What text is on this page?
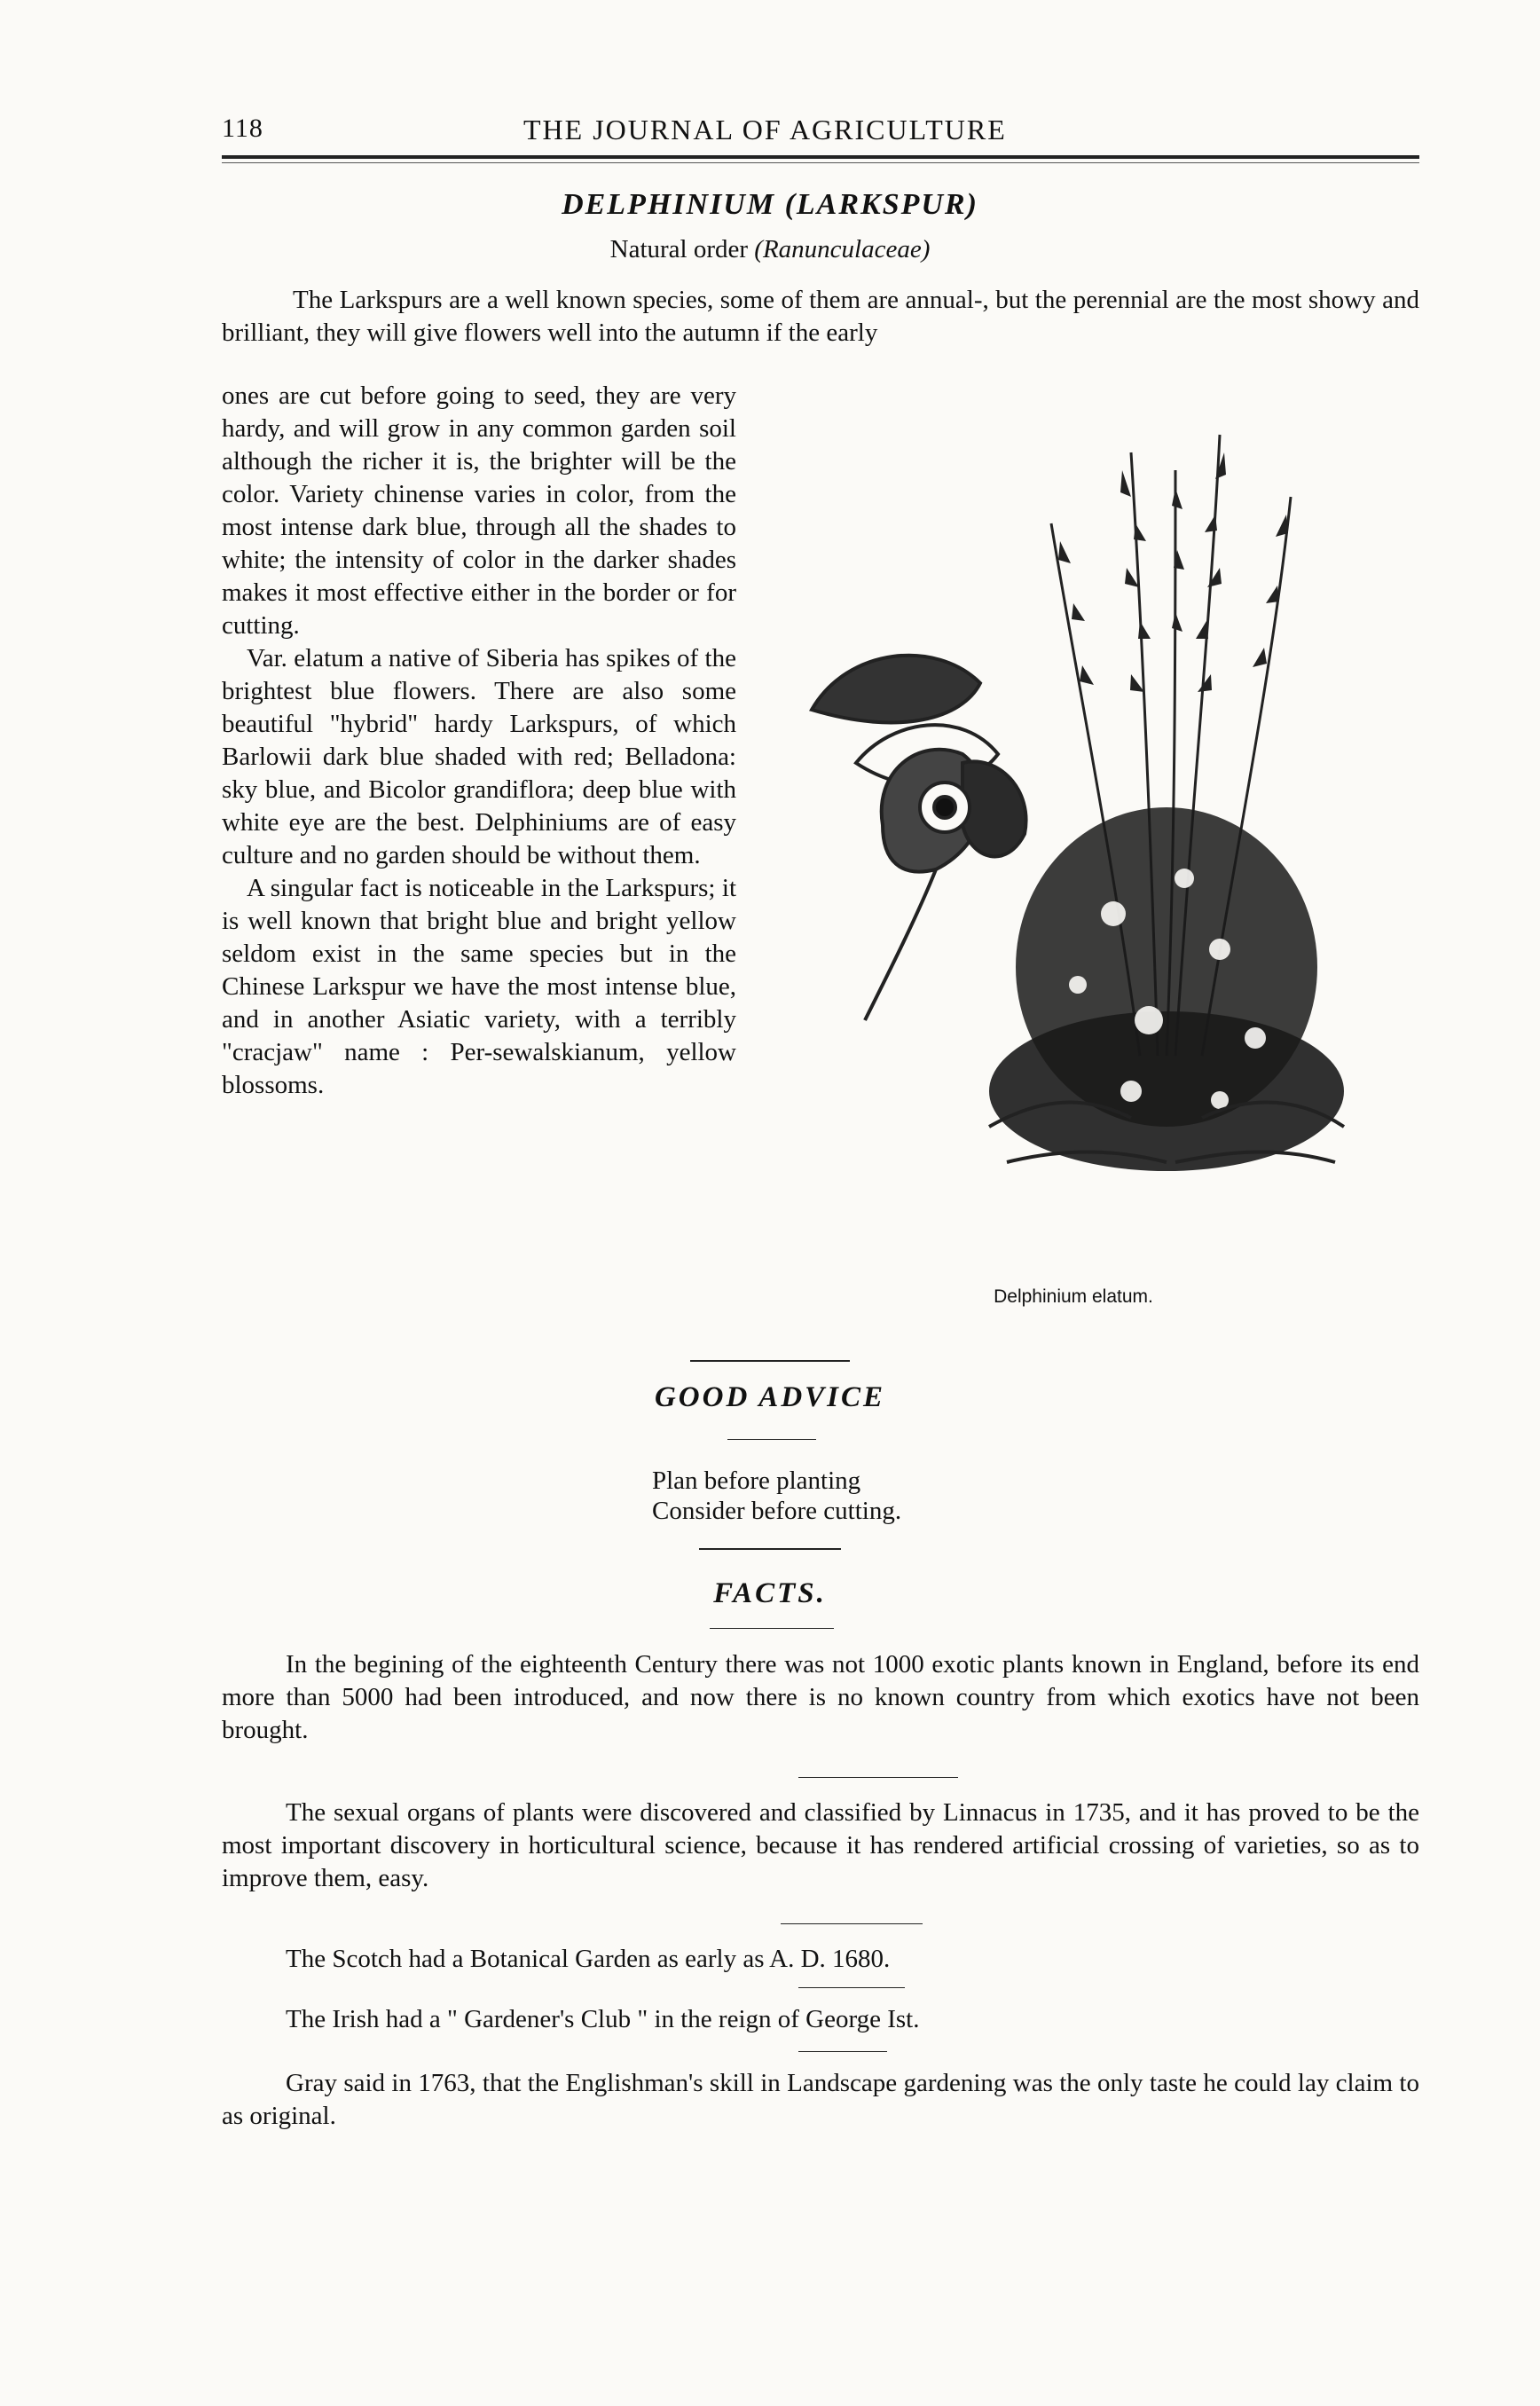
118	THE JOURNAL OF AGRICULTURE
DELPHINIUM (LARKSPUR)
Natural order (Ranunculaceae)
The Larkspurs are a well known species, some of them are annual-, but the perennial are the most showy and brilliant, they will give flowers well into the autumn if the early

ones are cut before going to seed, they are very hardy, and will grow in any common garden soil although the richer it is, the brighter will be the color. Variety chinense varies in color, from the most intense dark blue, through all the shades to white; the intensity of color in the darker shades makes it most effective either in the border or for cutting.

Var. elatum a native of Siberia has spikes of the brightest blue flowers. There are also some beautiful "hybrid" hardy Larkspurs, of which Barlowii dark blue shaded with red; Belladona: sky blue, and Bicolor grandiflora; deep blue with white eye are the best. Delphiniums are of easy culture and no garden should be without them.

A singular fact is noticeable in the Larkspurs; it is well known that bright blue and bright yellow seldom exist in the same species but in the Chinese Larkspur we have the most intense blue, and in another Asiatic variety, with a terribly "cracjaw" name : Per-sewalskianum, yellow blossoms.

Delphinium elatum.
GOOD ADVICE
Plan before planting
Consider before cutting.
FACTS.

In the begining of the eighteenth Century there was not 1000 exotic plants known in England, before its end more than 5000 had been introduced, and now there is no known country from which exotics have not been brought.

The sexual organs of plants were discovered and classified by Linnacus in 1735, and it has proved to be the most important discovery in horticultural science, because it has rendered artificial crossing of varieties, so as to improve them, easy.

The Scotch had a Botanical Garden as early as A. D. 1680.

The Irish had a " Gardener's Club " in the reign of George Ist.

Gray said in 1763, that the Englishman's skill in Landscape gardening was the only taste he could lay claim to as original.
